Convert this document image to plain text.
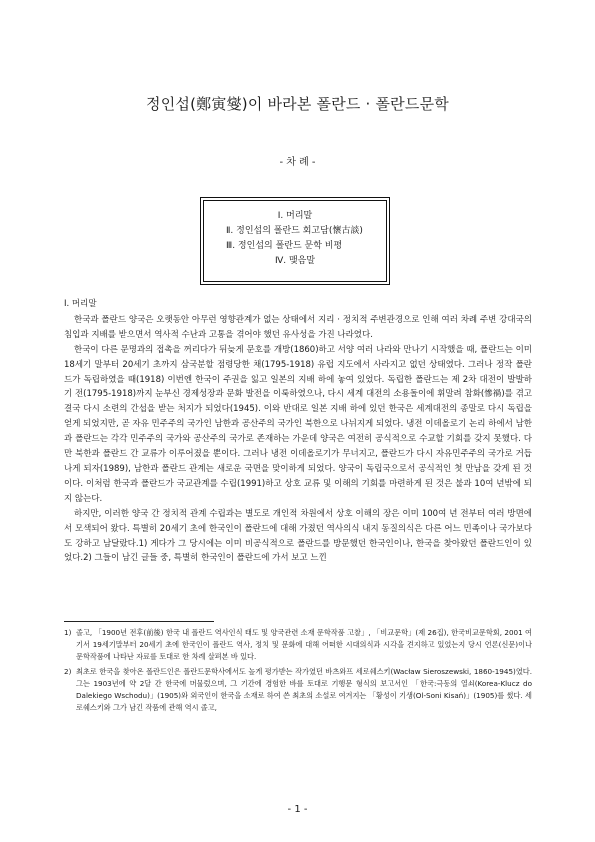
정인섭(鄭寅燮)이 바라본 폴란드 · 폴란드문학
- 차 례 -
Ⅰ. 머리말
Ⅱ. 정인섭의 폴란드 회고담(懷古談)
Ⅲ. 정인섭의 폴란드 문학 비평
Ⅳ. 맺음말
Ⅰ. 머리말

한국과 폴란드 양국은 오랫동안 아무런 영향관계가 없는 상태에서 지리 · 정치적 주변관경으로 인해 여러 차례 주변 강대국의 침입과 지배를 받으면서 역사적 수난과 고통을 겪어야 했던 유사성을 가진 나라였다.

한국이 다른 문명과의 접촉을 꺼리다가 뒤늦게 문호를 개방(1860)하고 서양 여러 나라와 만나기 시작했을 때, 폴란드는 이미 18세기 말부터 20세기 초까지 삼국분할 점령당한 채(1795-1918) 유럽 지도에서 사라지고 없던 상태였다. 그러나 정작 폴란드가 독립하였을 때(1918) 이번엔 한국이 주권을 잃고 일본의 지배 하에 놓여 있었다. 독립한 폴란드는 제 2차 대전이 발발하기 전(1795-1918)까지 눈부신 경제성장과 문화 발전을 이룩하였으나, 다시 세계 대전의 소용돌이에 휘말려 참화(慘禍)를 겪고 결국 다시 소련의 간섭을 받는 처지가 되었다(1945). 이와 반대로 일본 지배 하에 있던 한국은 세계대전의 종말로 다시 독립을 얻게 되었지만, 곧 자유 민주주의 국가인 남한과 공산주의 국가인 북한으로 나뉘지게 되었다. 냉전 이데올로기 논리 하에서 남한과 폴란드는 각각 민주주의 국가와 공산주의 국가로 존재하는 가운데 양국은 여전히 공식적으로 수교할 기회를 갖지 못했다. 다만 북한과 폴란드 간 교류가 이루어졌을 뿐이다. 그러나 냉전 이데올로기가 무너지고, 폴란드가 다시 자유민주주의 국가로 거듭나게 되자(1989), 남한과 폴란드 관계는 새로운 국면을 맞이하게 되었다. 양국이 독립국으로서 공식적인 첫 만남을 갖게 된 것이다. 이처럼 한국과 폴란드가 국교관계를 수립(1991)하고 상호 교류 및 이해의 기회를 마련하게 된 것은 불과 10여 년밖에 되지 않는다.

하지만, 이러한 양국 간 정치적 관계 수립과는 별도로 개인적 차원에서 상호 이해의 장은 이미 100여 년 전부터 여러 방면에서 모색되어 왔다. 특별히 20세기 초에 한국인이 폴란드에 대해 가졌던 역사의식 내지 동질의식은 다른 어느 민족이나 국가보다도 강하고 남달랐다.1) 게다가 그 당시에는 이미 비공식적으로 폴란드를 방문했던 한국인이나, 한국을 찾아왔던 폴란드인이 있었다.2) 그들이 남긴 글들 중, 특별히 한국인이 폴란드에 가서 보고 느낀

1) 졸고, 「1900년 전후(前後) 한국 내 폴란드 역사인식 태도 및 양국관련 소재 문학작품 고찰」, 「비교문학」(제 26집), 한국비교문학회, 2001 여기서 19세기말부터 20세기 초에 한국인이 폴란드 역사, 정치 및 문화에 대해 어떠한 시대의식과 시각을 견지하고 있었는지 당시 언론(신문)이나 문학작품에 나타난 자료를 토대로 한 차례 살펴본 바 있다.
2) 최초로 한국을 찾아온 폴란드인은 폴란드문학사에서도 높게 평가받는 작가였던 바츠와프 세로쉐스키(Wacław Sieroszewski, 1860-1945)였다. 그는 1903년에 약 2달 간 한국에 머물렀으며, 그 기간에 경험한 바를 토대로 기행문 형식의 보고서인 「한국:극동의 열쇠(Korea-Klucz do Dalekiego Wschodu)」(1905)와 외국인이 한국을 소재로 하여 쓴 최초의 소설로 여겨지는 「황성이 기생(Ol-Soni Kisań)」(1905)를 썼다. 세로쉐스키와 그가 남긴 작품에 관해 역시 졸고,
- 1 -
